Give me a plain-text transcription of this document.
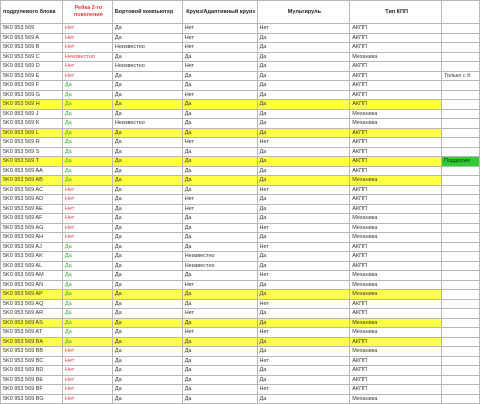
подрулевого блока	Рейка 2-го поколения	Бортовой компьютер	Круиз/Адаптивный круиз	Мультируль	Тип КПП	
5K0 953 569	Нет	Да	Нет	Нет	АКПП	
5K0 953 569 A	Нет	Да	Нет	Да	АКПП	
5K0 953 569 B	Нет	Неизвестно	Нет	Да	АКПП	
5K0 953 569 C	Неизвестно	Да	Да	Да	Механика	
5K0 953 569 D	Нет	Неизвестно	Нет	Да	АКПП	
5K0 953 569 E	Нет	Да	Да	Да	АКПП	Только с К
5K0 953 569 F	Да	Да	Да	Да	АКПП	
5K0 953 569 G	Да	Да	Нет	Да	АКПП	
5K0 953 569 H	Да	Да	Да	Да	АКПП	
5K0 953 569 J	Да	Да	Да	Да	Механика	
5K0 953 569 K	Да	Неизвестно	Да	Да	Механика	
5K0 953 569 L	Да	Да	Да	Да	АКПП	
5K0 953 569 R	Да	Да	Нет	Нет	АКПП	
5K0 953 569 S	Да	Да	Да	Да	АКПП	
5K0 953 569 T	Да	Да	Да	Да	АКПП	Поддержи
5K0 953 569 AA	Да	Да	Да	Да	АКПП	
5K0 953 569 AB	Да	Да	Да	Да	Механика	
5K0 953 569 AC	Нет	Да	Да	Нет	АКПП	
5K0 953 569 AD	Нет	Да	Нет	Да	АКПП	
5K0 953 569 AE	Нет	Да	Нет	Да	АКПП	
5K0 953 569 AF	Нет	Да	Да	Да	Механика	
5K0 953 569 AG	Нет	Да	Да	Нет	Механика	
5K0 953 569 AH	Нет	Да	Да	Да	Механика	
5K0 953 569 AJ	Да	Да	Да	Нет	АКПП	
5K0 953 569 AK	Да	Да	Неизвестно	Да	АКПП	
5K0 953 569 AL	Да	Да	Неизвестно	Да	АКПП	
5K0 953 569 AM	Да	Да	Да	Нет	Механика	
5K0 953 569 AN	Да	Да	Нет	Да	Механика	
5K0 953 569 AP	Да	Да	Да	Да	Механика	
5K0 953 569 AQ	Да	Да	Да	Нет	АКПП	
5K0 953 569 AR	Да	Да	Нет	Да	АКПП	
5K0 953 569 AS	Да	Да	Да	Да	Механика	
5K0 953 569 AT	Да	Да	Нет	Нет	Механика	
5K0 953 569 BA	Да	Да	Да	Да	АКПП	
5K0 953 569 BB	Нет	Да	Да	Да	Механика	
5K0 953 569 BC	Нет	Да	Да	Нет	АКПП	
5K0 953 569 BD	Нет	Да	Да	Да	АКПП	
5K0 953 569 BE	Нет	Да	Да	Да	АКПП	
5K0 953 569 BF	Нет	Да	Да	Нет	АКПП	
5K0 953 569 BG	Нет	Да	Да	Да	Механика	
